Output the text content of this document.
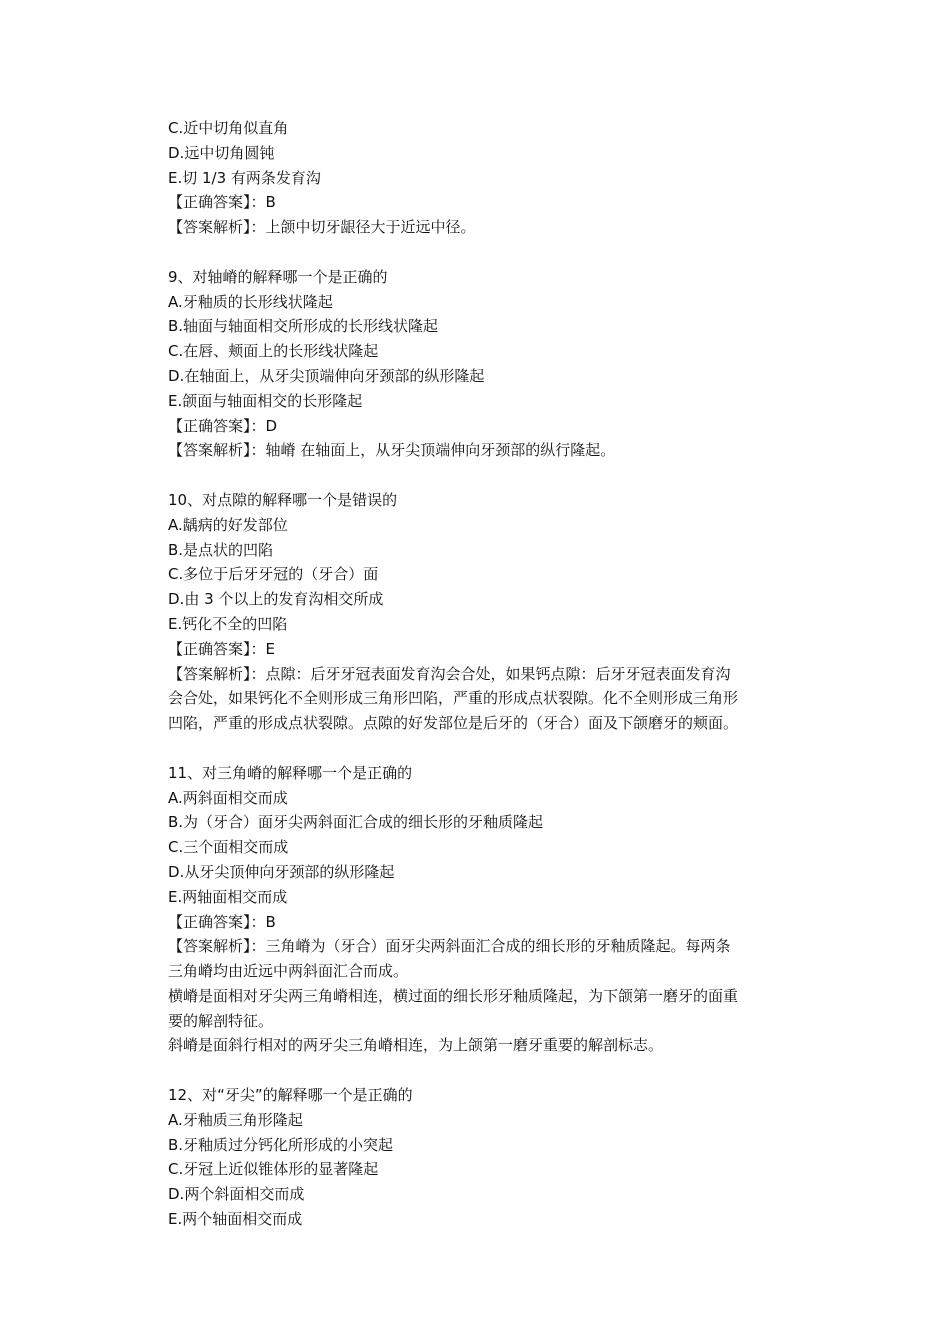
C.近中切角似直角
D.远中切角圆钝
E.切 1/3 有两条发育沟
【正确答案】：B
【答案解析】：上颌中切牙龈径大于近远中径。
9、对轴嵴的解释哪一个是正确的
A.牙釉质的长形线状隆起
B.轴面与轴面相交所形成的长形线状隆起
C.在唇、颊面上的长形线状隆起
D.在轴面上，从牙尖顶端伸向牙颈部的纵形隆起
E.颌面与轴面相交的长形隆起
【正确答案】：D
【答案解析】：轴嵴 在轴面上，从牙尖顶端伸向牙颈部的纵行隆起。
10、对点隙的解释哪一个是错误的
A.龋病的好发部位
B.是点状的凹陷
C.多位于后牙牙冠的（牙合）面
D.由 3 个以上的发育沟相交所成
E.钙化不全的凹陷
【正确答案】：E
【答案解析】：点隙：后牙牙冠表面发育沟会合处，如果钙点隙：后牙牙冠表面发育沟
会合处，如果钙化不全则形成三角形凹陷，严重的形成点状裂隙。化不全则形成三角形
凹陷，严重的形成点状裂隙。点隙的好发部位是后牙的（牙合）面及下颌磨牙的颊面。
11、对三角嵴的解释哪一个是正确的
A.两斜面相交而成
B.为（牙合）面牙尖两斜面汇合成的细长形的牙釉质隆起
C.三个面相交而成
D.从牙尖顶伸向牙颈部的纵形隆起
E.两轴面相交而成
【正确答案】：B
【答案解析】：三角嵴为（牙合）面牙尖两斜面汇合成的细长形的牙釉质隆起。每两条
三角嵴均由近远中两斜面汇合而成。
横嵴是面相对牙尖两三角嵴相连，横过面的细长形牙釉质隆起，为下颌第一磨牙的面重
要的解剖特征。
斜嵴是面斜行相对的两牙尖三角嵴相连，为上颌第一磨牙重要的解剖标志。
12、对“牙尖”的解释哪一个是正确的
A.牙釉质三角形隆起
B.牙釉质过分钙化所形成的小突起
C.牙冠上近似锥体形的显著隆起
D.两个斜面相交而成
E.两个轴面相交而成
